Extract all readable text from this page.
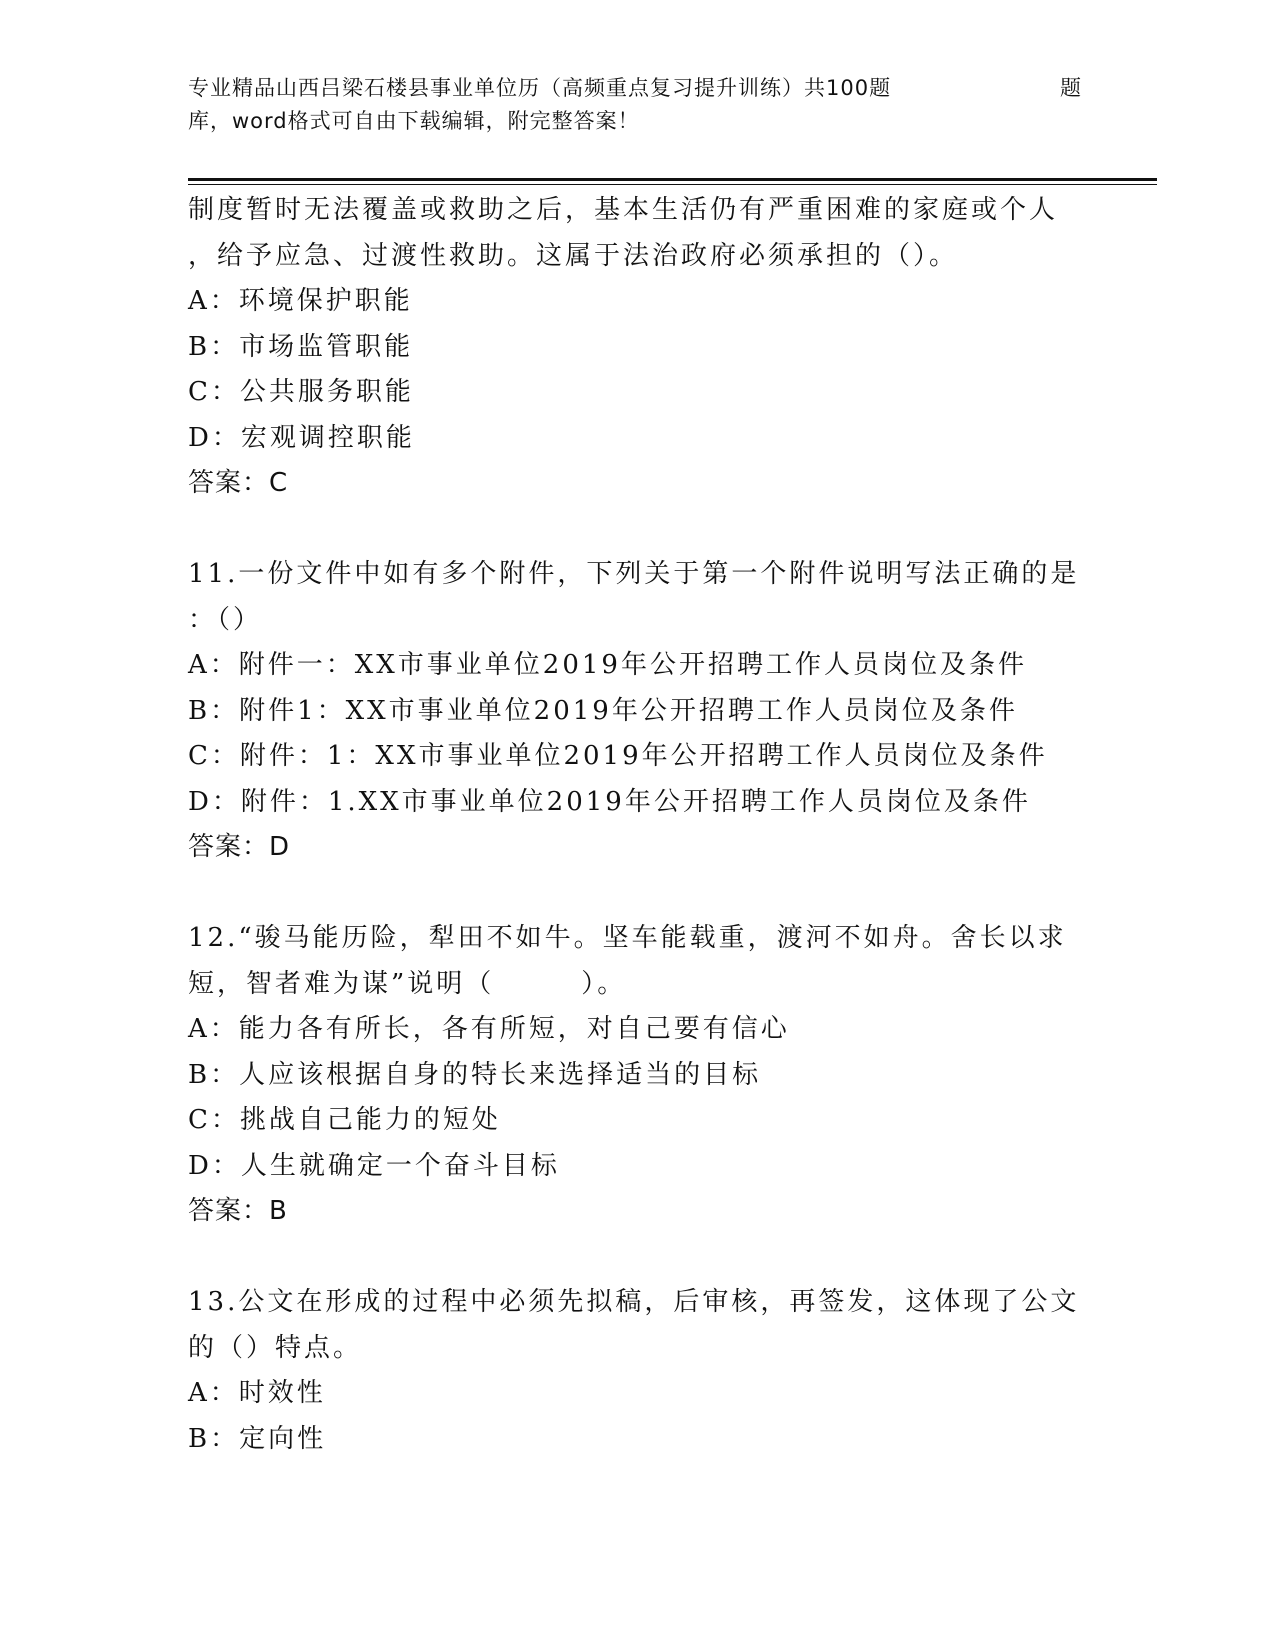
专业精品山西吕梁石楼县事业单位历（高频重点复习提升训练）共100题	题
库，word格式可自由下载编辑，附完整答案！
制度暂时无法覆盖或救助之后，基本生活仍有严重困难的家庭或个人
，给予应急、过渡性救助。这属于法治政府必须承担的（）。
A：环境保护职能
B：市场监管职能
C：公共服务职能
D：宏观调控职能
答案：C
11.一份文件中如有多个附件，下列关于第一个附件说明写法正确的是
：（）
A：附件一：XX市事业单位2019年公开招聘工作人员岗位及条件
B：附件1：XX市事业单位2019年公开招聘工作人员岗位及条件
C：附件：1：XX市事业单位2019年公开招聘工作人员岗位及条件
D：附件：1.XX市事业单位2019年公开招聘工作人员岗位及条件
答案：D
12.“骏马能历险，犁田不如牛。坚车能载重，渡河不如舟。舍长以求
短，智者难为谋”说明（　　　）。
A：能力各有所长，各有所短，对自己要有信心
B：人应该根据自身的特长来选择适当的目标
C：挑战自己能力的短处
D：人生就确定一个奋斗目标
答案：B
13.公文在形成的过程中必须先拟稿，后审核，再签发，这体现了公文
的（）特点。
A：时效性
B：定向性
